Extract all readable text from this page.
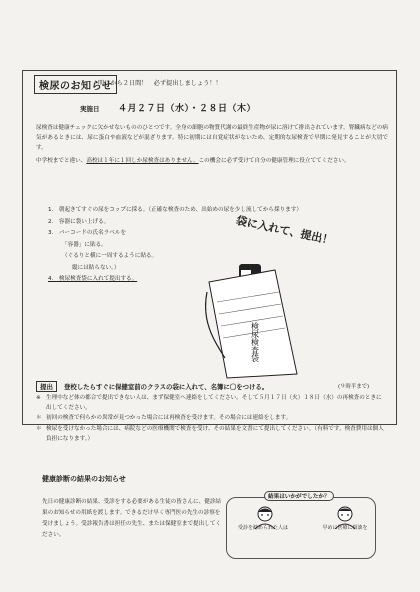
検尿のお知らせ
明日から２日間！　必ず提出しましょう！！
実施日 ４月２７日（水）・２８日（木）
尿検査は健康チェックに欠かせないもののひとつです。全身の細胞の物質代謝の最終生産物が尿に溶けて排出されています。腎臓病などの病気があるときには、尿に蛋白や血液などが混ざります。特に初期には自覚症状がないため、定期的な尿検査で早期に発見することが大切です。
中学校までと違い、高校は１年に１回しか尿検査はありません。この機会に必ず受けて自分の健康管理に役立ててください。
1.　朝起きてすぐの尿をコップに採る。（正確な検査のため、出始めの尿を少し流してから採ります）
2.　容器に袋い上げる。
3.　バーコードの氏名ラベルを
「容器」に貼る。
（ぐるりと横に一周するように貼る。
縦には貼らない。）
4.　検尿検査袋に入れて提出する。
袋に入れて、提出！
検尿検査袋
提出	登校したらすぐに保健室前のクラスの袋に入れて、名簿に〇をつける。	(９時半まで)
※ 生理中など体の都合で提出できない人は、まず保健室へ連絡をしてください。そして５月１７日（火）１８日（水）の再検査のときに出してください。
＊ 初回の検査で何らかの異常が見つかった場合には再検査を受けます。その場合には連絡をします。
＊ 検尿を受けなかった場合には、病院などの医療機関で検査を受け、その結果を文書にて提出してください。（有料です。検査費用は個人負担になります。）
健康診断の結果のお知らせ
先日の健康診断の結果、受診をする必要がある生徒の皆さんに、健診結果のお知らせの用紙を渡します。できるだけ早く専門医の先生の診察を受けましょう。受診報告書は担任の先生、または保健室まで提出してください。
結果はいかがでしたか？
受診を勧められた人は	早めに医療に相談を
